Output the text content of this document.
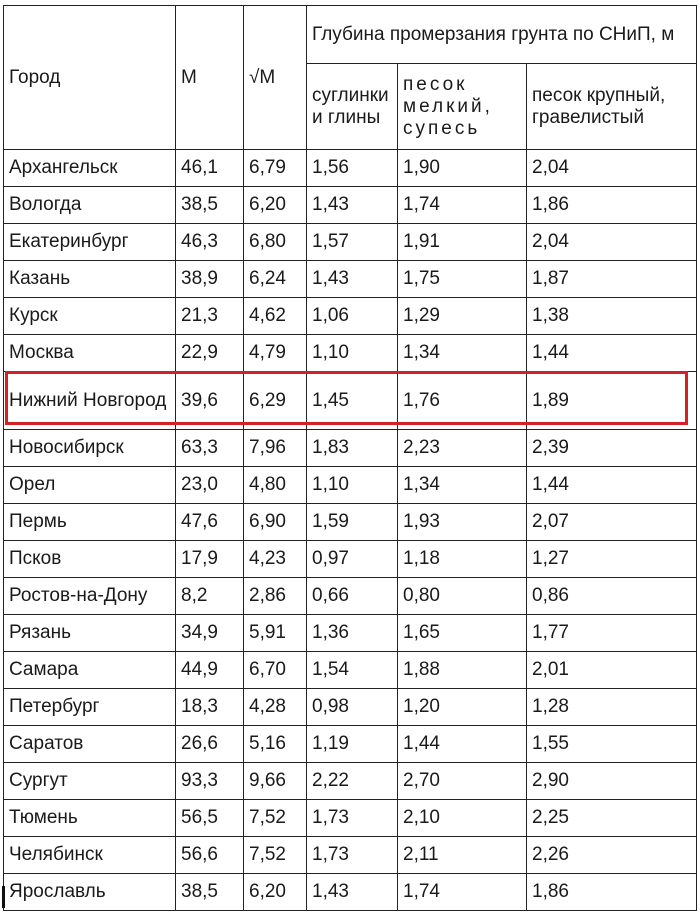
Город	M	√M	Глубина промерзания грунта по СНиП, м		
			суглинки и глины	песок мелкий, супесь	песок крупный, гравелистый
Архангельск	46,1	6,79	1,56	1,90	2,04
Вологда	38,5	6,20	1,43	1,74	1,86
Екатеринбург	46,3	6,80	1,57	1,91	2,04
Казань	38,9	6,24	1,43	1,75	1,87
Курск	21,3	4,62	1,06	1,29	1,38
Москва	22,9	4,79	1,10	1,34	1,44
Нижний Новгород	39,6	6,29	1,45	1,76	1,89
Новосибирск	63,3	7,96	1,83	2,23	2,39
Орел	23,0	4,80	1,10	1,34	1,44
Пермь	47,6	6,90	1,59	1,93	2,07
Псков	17,9	4,23	0,97	1,18	1,27
Ростов-на-Дону	8,2	2,86	0,66	0,80	0,86
Рязань	34,9	5,91	1,36	1,65	1,77
Самара	44,9	6,70	1,54	1,88	2,01
Петербург	18,3	4,28	0,98	1,20	1,28
Саратов	26,6	5,16	1,19	1,44	1,55
Сургут	93,3	9,66	2,22	2,70	2,90
Тюмень	56,5	7,52	1,73	2,10	2,25
Челябинск	56,6	7,52	1,73	2,11	2,26
Ярославль	38,5	6,20	1,43	1,74	1,86
